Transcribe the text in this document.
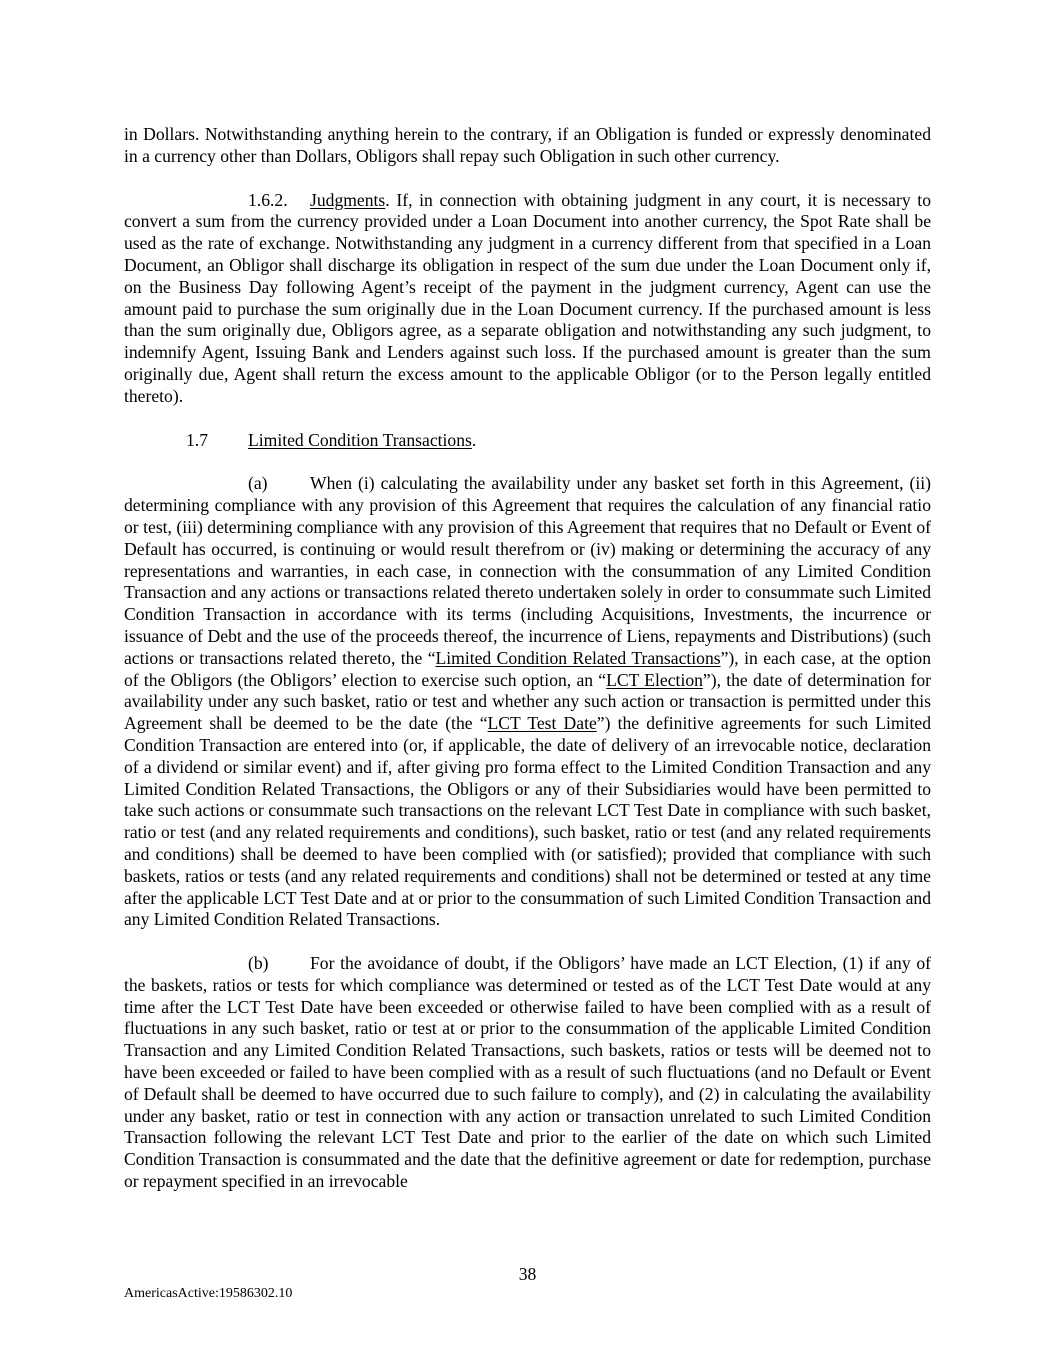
in Dollars. Notwithstanding anything herein to the contrary, if an Obligation is funded or expressly denominated in a currency other than Dollars, Obligors shall repay such Obligation in such other currency.

1.6.2. Judgments. If, in connection with obtaining judgment in any court, it is necessary to convert a sum from the currency provided under a Loan Document into another currency, the Spot Rate shall be used as the rate of exchange. Notwithstanding any judgment in a currency different from that specified in a Loan Document, an Obligor shall discharge its obligation in respect of the sum due under the Loan Document only if, on the Business Day following Agent’s receipt of the payment in the judgment currency, Agent can use the amount paid to purchase the sum originally due in the Loan Document currency. If the purchased amount is less than the sum originally due, Obligors agree, as a separate obligation and notwithstanding any such judgment, to indemnify Agent, Issuing Bank and Lenders against such loss. If the purchased amount is greater than the sum originally due, Agent shall return the excess amount to the applicable Obligor (or to the Person legally entitled thereto).

1.7 Limited Condition Transactions.

(a) When (i) calculating the availability under any basket set forth in this Agreement, (ii) determining compliance with any provision of this Agreement that requires the calculation of any financial ratio or test, (iii) determining compliance with any provision of this Agreement that requires that no Default or Event of Default has occurred, is continuing or would result therefrom or (iv) making or determining the accuracy of any representations and warranties, in each case, in connection with the consummation of any Limited Condition Transaction and any actions or transactions related thereto undertaken solely in order to consummate such Limited Condition Transaction in accordance with its terms (including Acquisitions, Investments, the incurrence or issuance of Debt and the use of the proceeds thereof, the incurrence of Liens, repayments and Distributions) (such actions or transactions related thereto, the “Limited Condition Related Transactions”), in each case, at the option of the Obligors (the Obligors’ election to exercise such option, an “LCT Election”), the date of determination for availability under any such basket, ratio or test and whether any such action or transaction is permitted under this Agreement shall be deemed to be the date (the “LCT Test Date”) the definitive agreements for such Limited Condition Transaction are entered into (or, if applicable, the date of delivery of an irrevocable notice, declaration of a dividend or similar event) and if, after giving pro forma effect to the Limited Condition Transaction and any Limited Condition Related Transactions, the Obligors or any of their Subsidiaries would have been permitted to take such actions or consummate such transactions on the relevant LCT Test Date in compliance with such basket, ratio or test (and any related requirements and conditions), such basket, ratio or test (and any related requirements and conditions) shall be deemed to have been complied with (or satisfied); provided that compliance with such baskets, ratios or tests (and any related requirements and conditions) shall not be determined or tested at any time after the applicable LCT Test Date and at or prior to the consummation of such Limited Condition Transaction and any Limited Condition Related Transactions.

(b) For the avoidance of doubt, if the Obligors’ have made an LCT Election, (1) if any of the baskets, ratios or tests for which compliance was determined or tested as of the LCT Test Date would at any time after the LCT Test Date have been exceeded or otherwise failed to have been complied with as a result of fluctuations in any such basket, ratio or test at or prior to the consummation of the applicable Limited Condition Transaction and any Limited Condition Related Transactions, such baskets, ratios or tests will be deemed not to have been exceeded or failed to have been complied with as a result of such fluctuations (and no Default or Event of Default shall be deemed to have occurred due to such failure to comply), and (2) in calculating the availability under any basket, ratio or test in connection with any action or transaction unrelated to such Limited Condition Transaction following the relevant LCT Test Date and prior to the earlier of the date on which such Limited Condition Transaction is consummated and the date that the definitive agreement or date for redemption, purchase or repayment specified in an irrevocable

38
AmericasActive:19586302.10
